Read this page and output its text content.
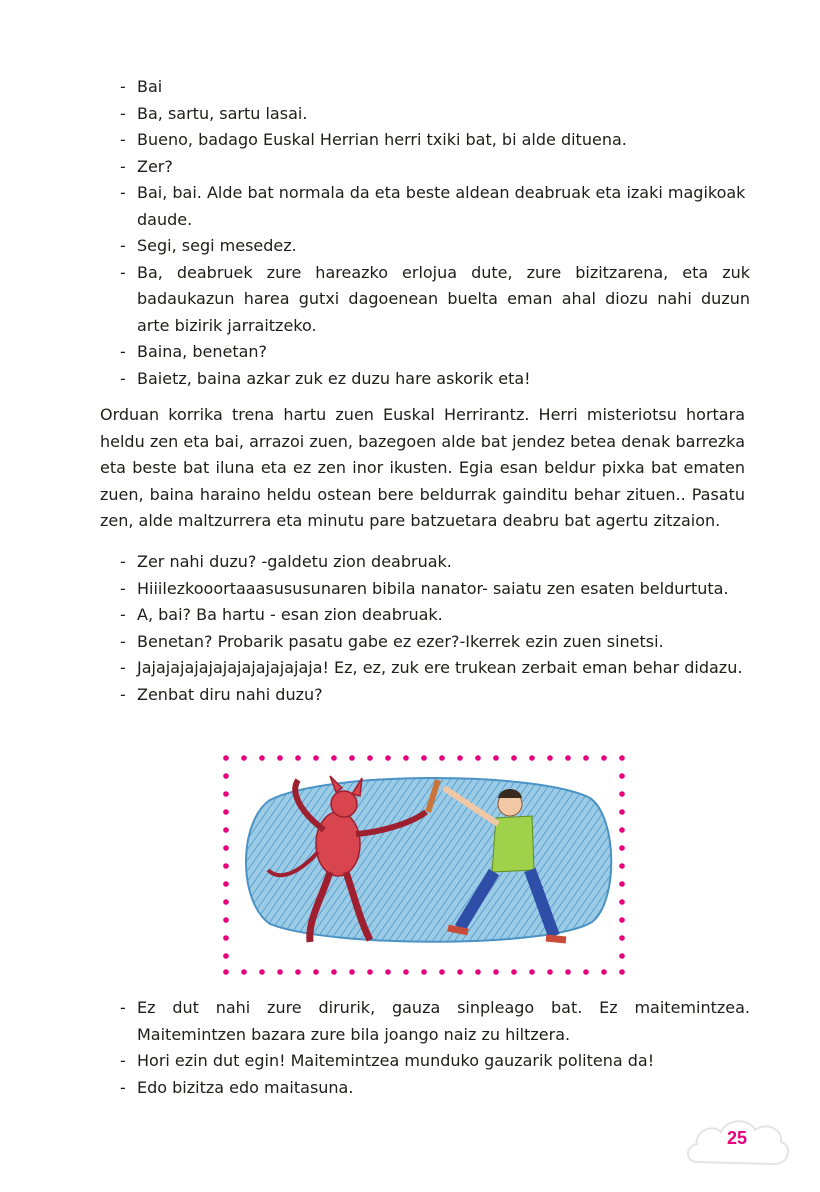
- Bai
- Ba, sartu, sartu lasai.
- Bueno, badago Euskal Herrian herri txiki bat, bi alde dituena.
- Zer?
- Bai, bai. Alde bat normala da eta beste aldean deabruak eta izaki magikoak daude.
- Segi, segi mesedez.
- Ba, deabruek zure hareazko erlojua dute, zure bizitzarena, eta zuk badaukazun harea gutxi dagoenean buelta eman ahal diozu nahi duzun arte bizirik jarraitzeko.
- Baina, benetan?
- Baietz, baina azkar zuk ez duzu hare askorik eta!

Orduan korrika trena hartu zuen Euskal Herrirantz. Herri misteriotsu hortara heldu zen eta bai, arrazoi zuen, bazegoen alde bat jendez betea denak barrezka eta beste bat iluna eta ez zen inor ikusten. Egia esan beldur pixka bat ematen zuen, baina haraino heldu ostean bere beldurrak gainditu behar zituen.. Pasatu zen, alde maltzurrera eta minutu pare batzuetara deabru bat agertu zitzaion.

- Zer nahi duzu? -galdetu zion deabruak.
- Hiiilezkooortaaasususunaren bibila nanator- saiatu zen esaten beldurtuta.
- A, bai? Ba hartu - esan zion deabruak.
- Benetan? Probarik pasatu gabe ez ezer?-Ikerrek ezin zuen sinetsi.
- Jajajajajajajajajajajajaja! Ez, ez, zuk ere trukean zerbait eman behar didazu.
- Zenbat diru nahi duzu?
- Ez dut nahi zure dirurik, gauza sinpleago bat. Ez maitemintzea. Maitemintzen bazara zure bila joango naiz zu hiltzera.
- Hori ezin dut egin! Maitemintzea munduko gauzarik politena da!
- Edo bizitza edo maitasuna.
25
